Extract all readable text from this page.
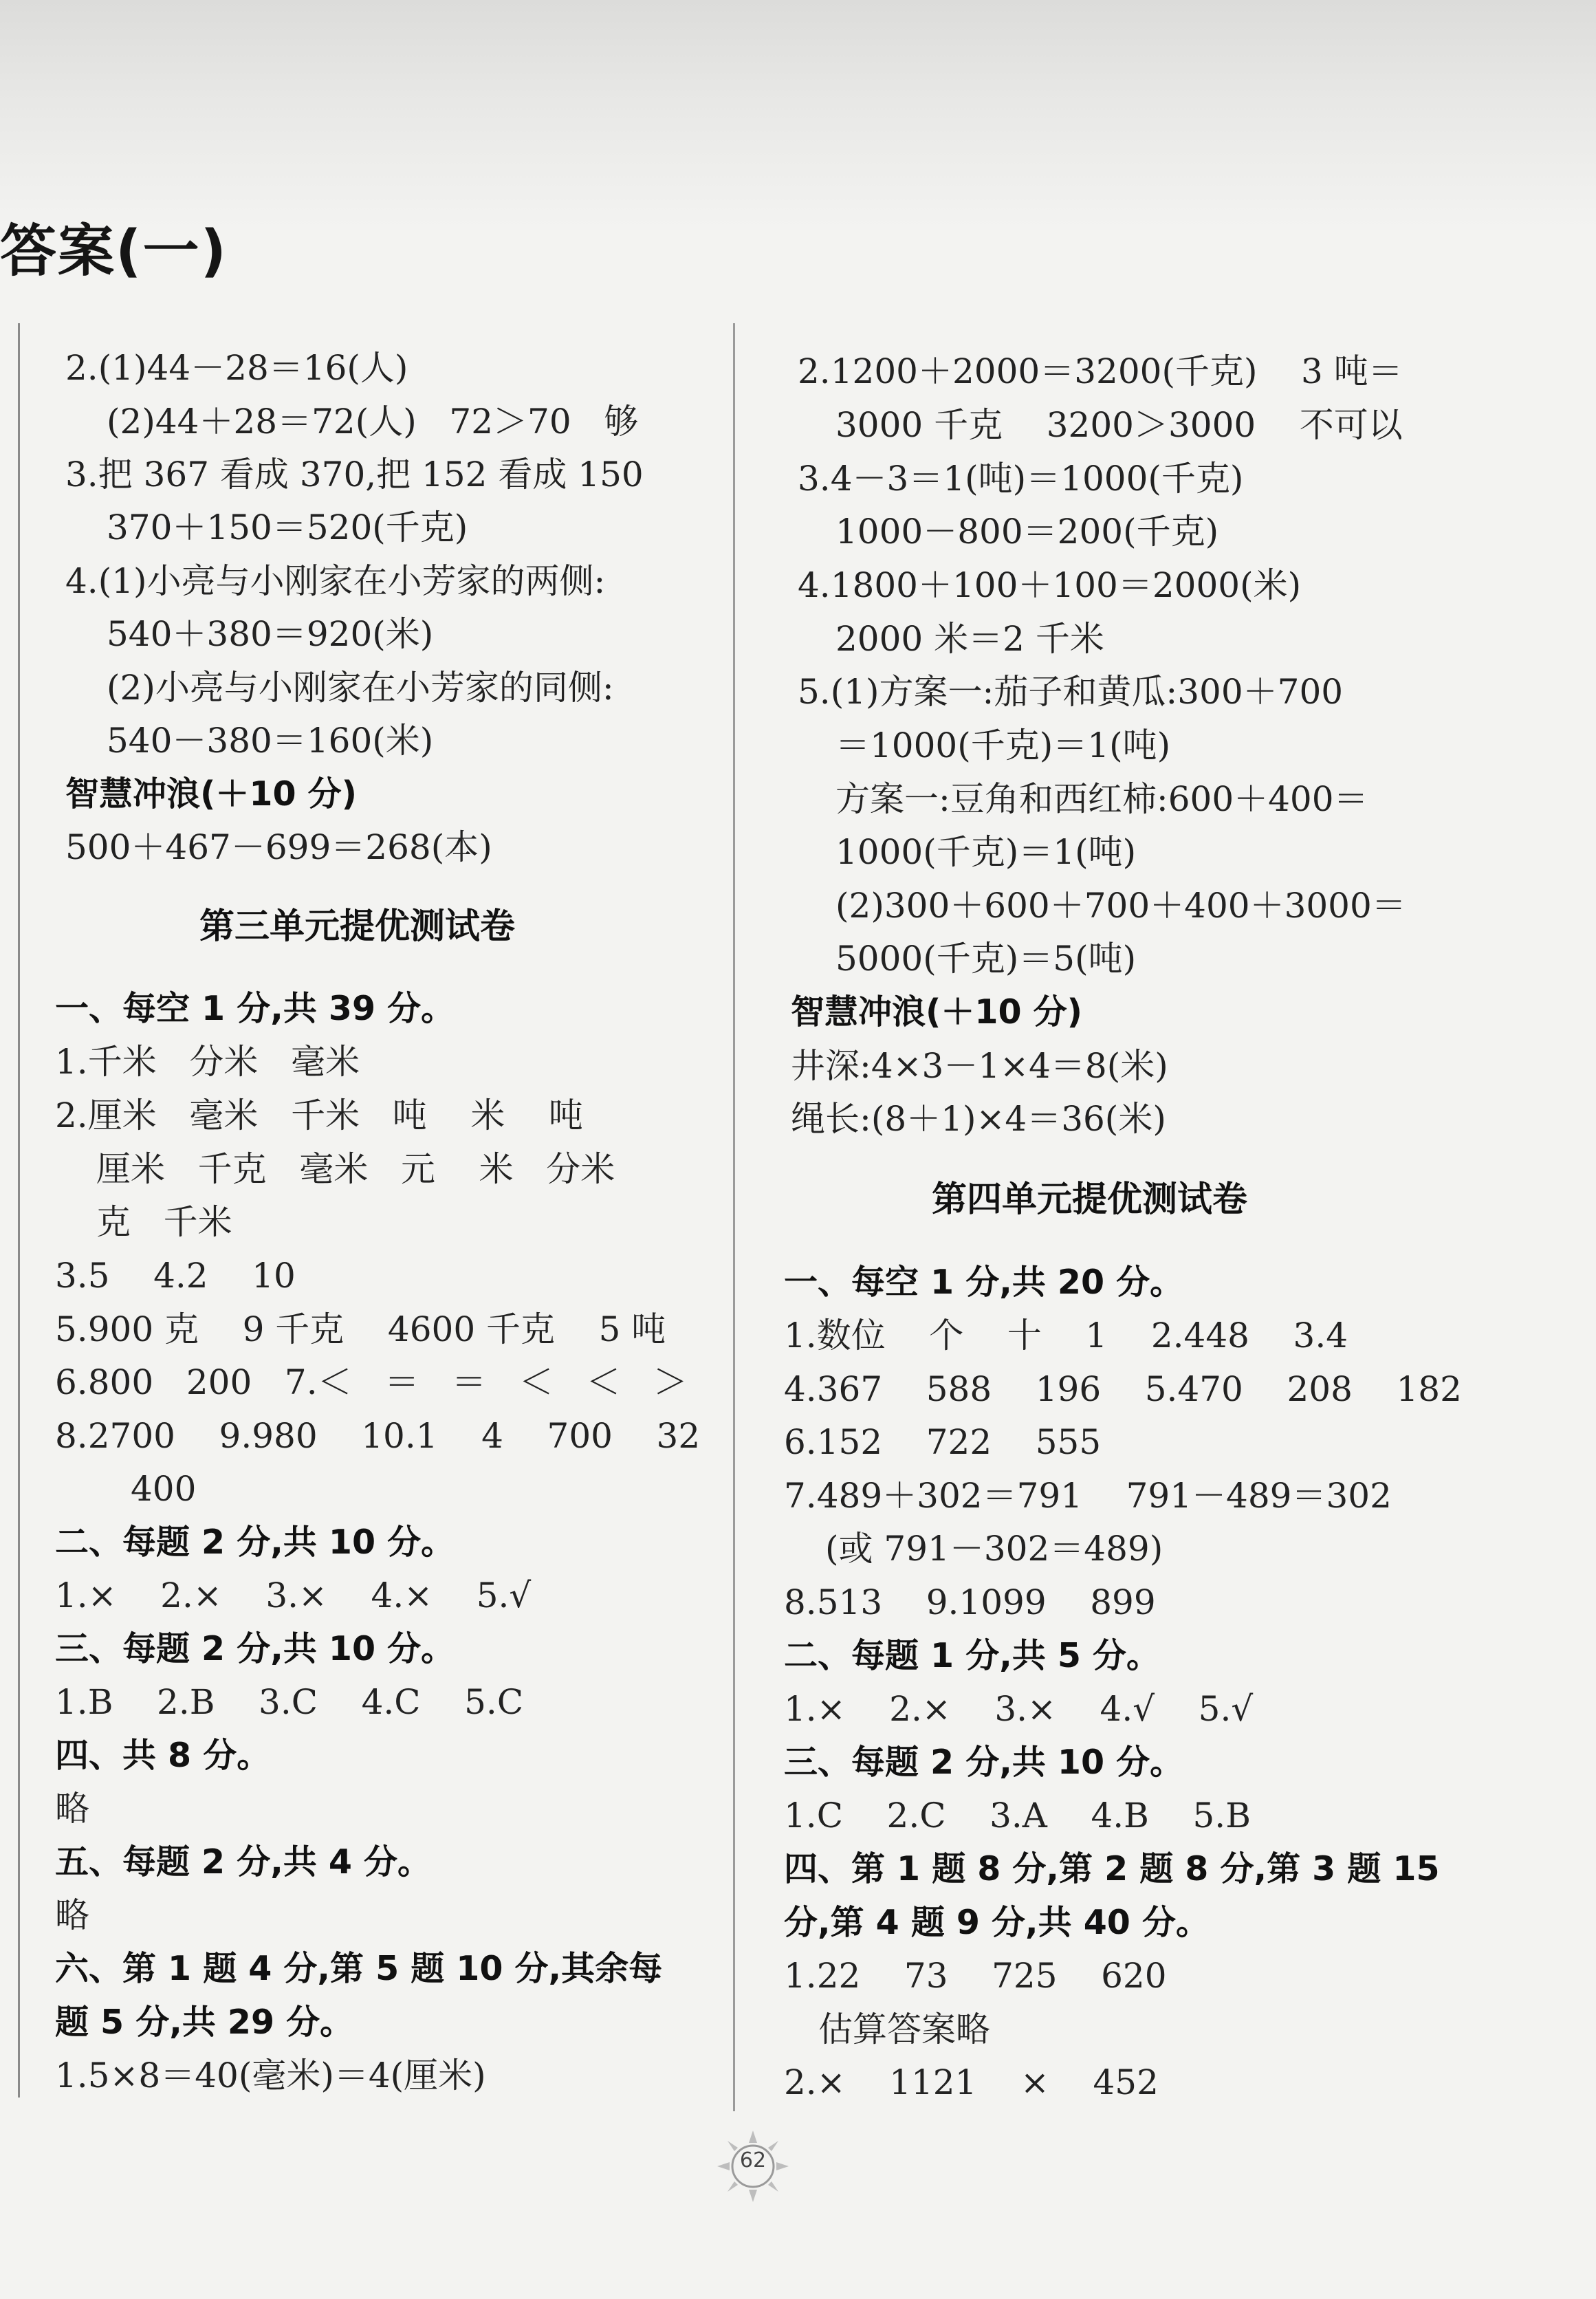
答案(一)
2.(1)44－28＝16(人)
(2)44＋28＝72(人)   72＞70   够
3.把 367 看成 370,把 152 看成 150
370＋150＝520(千克)
4.(1)小亮与小刚家在小芳家的两侧:
540＋380＝920(米)
(2)小亮与小刚家在小芳家的同侧:
540－380＝160(米)
智慧冲浪(＋10 分)
500＋467－699＝268(本)
第三单元提优测试卷
一、每空 1 分,共 39 分。
1.千米   分米   毫米
2.厘米   毫米   千米   吨    米    吨
厘米   千克   毫米   元    米   分米
克   千米
3.5    4.2    10
5.900 克    9 千克    4600 千克    5 吨
6.800   200   7.＜   ＝   ＝   ＜   ＜   ＞
8.2700    9.980    10.1    4    700    32
400
二、每题 2 分,共 10 分。
1.×    2.×    3.×    4.×    5.√
三、每题 2 分,共 10 分。
1.B    2.B    3.C    4.C    5.C
四、共 8 分。
略
五、每题 2 分,共 4 分。
略
六、第 1 题 4 分,第 5 题 10 分,其余每
题 5 分,共 29 分。
1.5×8＝40(毫米)＝4(厘米)
2.1200＋2000＝3200(千克)    3 吨＝
3000 千克    3200＞3000    不可以
3.4－3＝1(吨)＝1000(千克)
1000－800＝200(千克)
4.1800＋100＋100＝2000(米)
2000 米＝2 千米
5.(1)方案一:茄子和黄瓜:300＋700
＝1000(千克)＝1(吨)
方案一:豆角和西红柿:600＋400＝
1000(千克)＝1(吨)
(2)300＋600＋700＋400＋3000＝
5000(千克)＝5(吨)
智慧冲浪(＋10 分)
井深:4×3－1×4＝8(米)
绳长:(8＋1)×4＝36(米)
第四单元提优测试卷
一、每空 1 分,共 20 分。
1.数位    个    十    1    2.448    3.4
4.367    588    196    5.470    208    182
6.152    722    555
7.489＋302＝791    791－489＝302
(或 791－302＝489)
8.513    9.1099    899
二、每题 1 分,共 5 分。
1.×    2.×    3.×    4.√    5.√
三、每题 2 分,共 10 分。
1.C    2.C    3.A    4.B    5.B
四、第 1 题 8 分,第 2 题 8 分,第 3 题 15
分,第 4 题 9 分,共 40 分。
1.22    73    725    620
估算答案略
2.×    1121    ×    452
62
